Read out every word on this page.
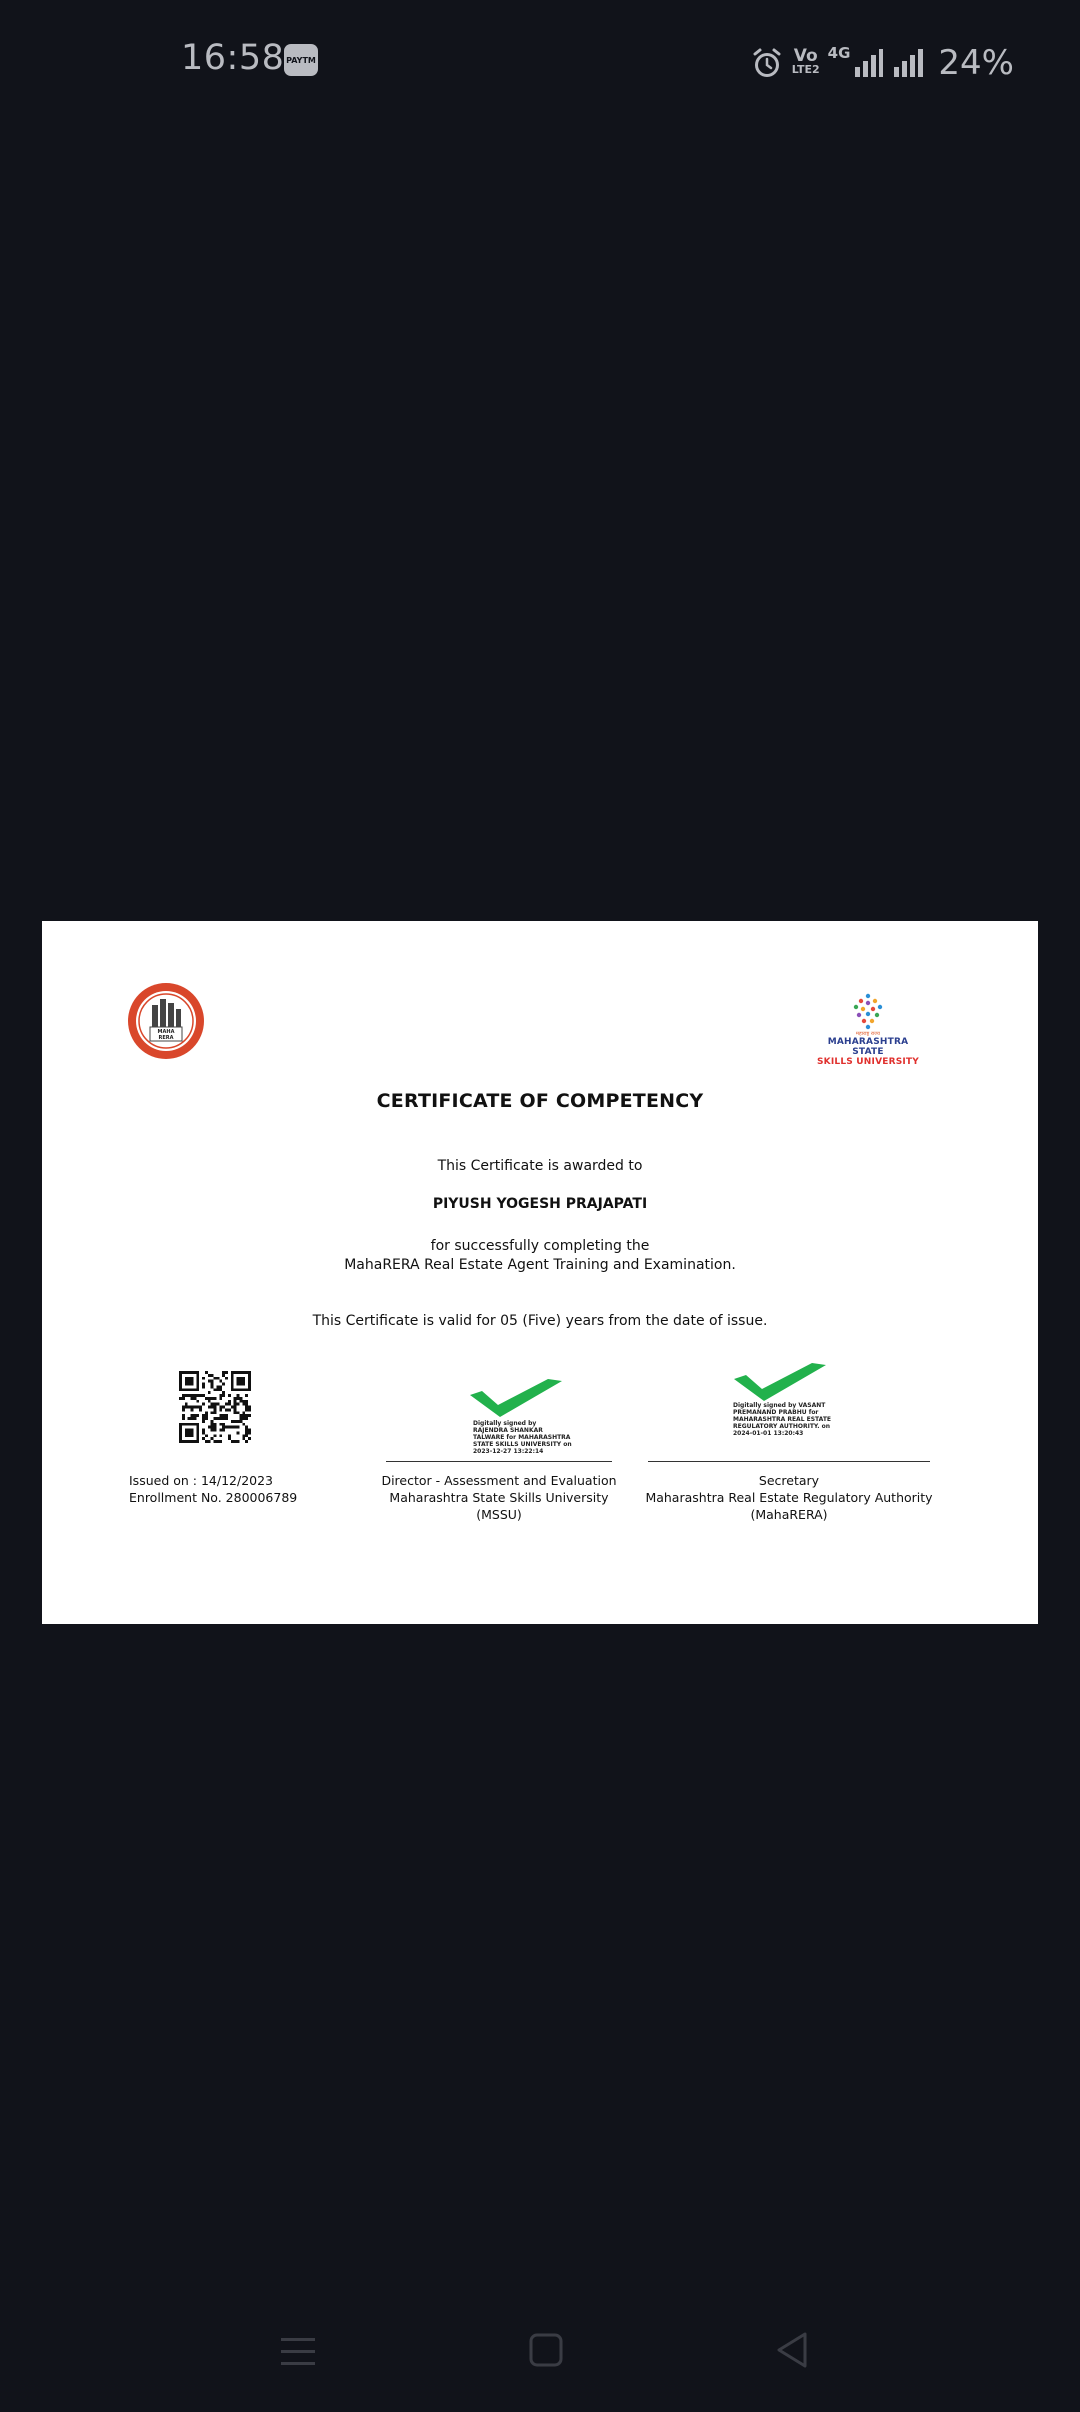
16:58 PAYTM	Vo
LTE2
4G	24%
MAHA
RERA
महाराष्ट्र राज्य
MAHARASHTRA STATE
SKILLS UNIVERSITY
CERTIFICATE OF COMPETENCY
This Certificate is awarded to
PIYUSH YOGESH PRAJAPATI
for successfully completing the
MahaRERA Real Estate Agent Training and Examination.
This Certificate is valid for 05 (Five) years from the date of issue.
Issued on : 14/12/2023
Enrollment No. 280006789
Digitally signed by RAJENDRA SHANKAR TALWARE for MAHARASHTRA STATE SKILLS UNIVERSITY on 2023-12-27 13:22:14
Digitally signed by VASANT PREMANAND PRABHU for MAHARASHTRA REAL ESTATE REGULATORY AUTHORITY. on 2024-01-01 13:20:43
Director - Assessment and Evaluation
Maharashtra State Skills University
(MSSU)
Secretary
Maharashtra Real Estate Regulatory Authority
(MahaRERA)
